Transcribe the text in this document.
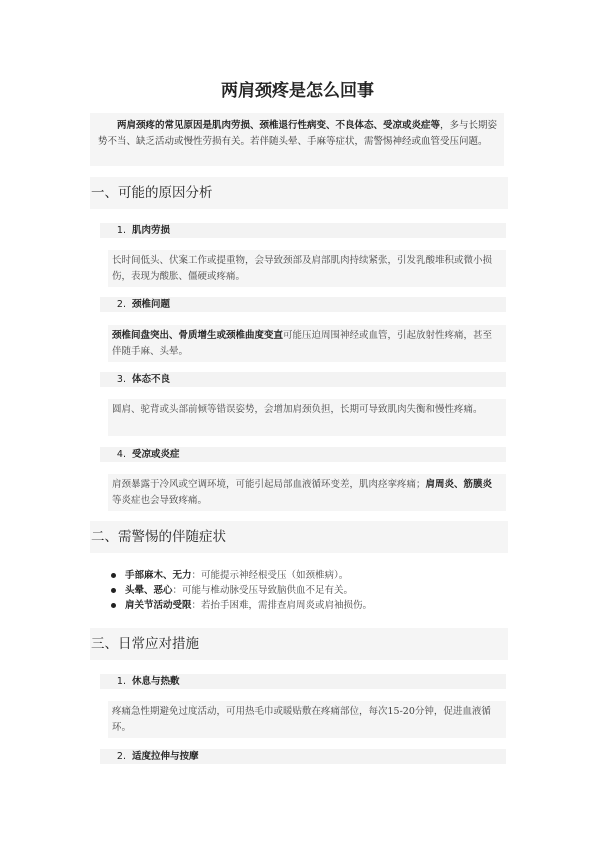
两肩颈疼是怎么回事
两肩颈疼的常见原因是肌肉劳损、颈椎退行性病变、不良体态、受凉或炎症等，多与长期姿势不当、缺乏活动或慢性劳损有关。若伴随头晕、手麻等症状，需警惕神经或血管受压问题。
一、可能的原因分析
1. 肌肉劳损
长时间低头、伏案工作或提重物，会导致颈部及肩部肌肉持续紧张，引发乳酸堆积或微小损伤，表现为酸胀、僵硬或疼痛。
2. 颈椎问题
颈椎间盘突出、骨质增生或颈椎曲度变直可能压迫周围神经或血管，引起放射性疼痛，甚至伴随手麻、头晕。
3. 体态不良
圆肩、驼背或头部前倾等错误姿势，会增加肩颈负担，长期可导致肌肉失衡和慢性疼痛。
4. 受凉或炎症
肩颈暴露于冷风或空调环境，可能引起局部血液循环变差，肌肉痉挛疼痛；肩周炎、筋膜炎等炎症也会导致疼痛。
二、需警惕的伴随症状
手部麻木、无力：可能提示神经根受压（如颈椎病）。
头晕、恶心：可能与椎动脉受压导致脑供血不足有关。
肩关节活动受限：若抬手困难，需排查肩周炎或肩袖损伤。
三、日常应对措施
1. 休息与热敷
疼痛急性期避免过度活动，可用热毛巾或暖贴敷在疼痛部位，每次15-20分钟，促进血液循环。
2. 适度拉伸与按摩
